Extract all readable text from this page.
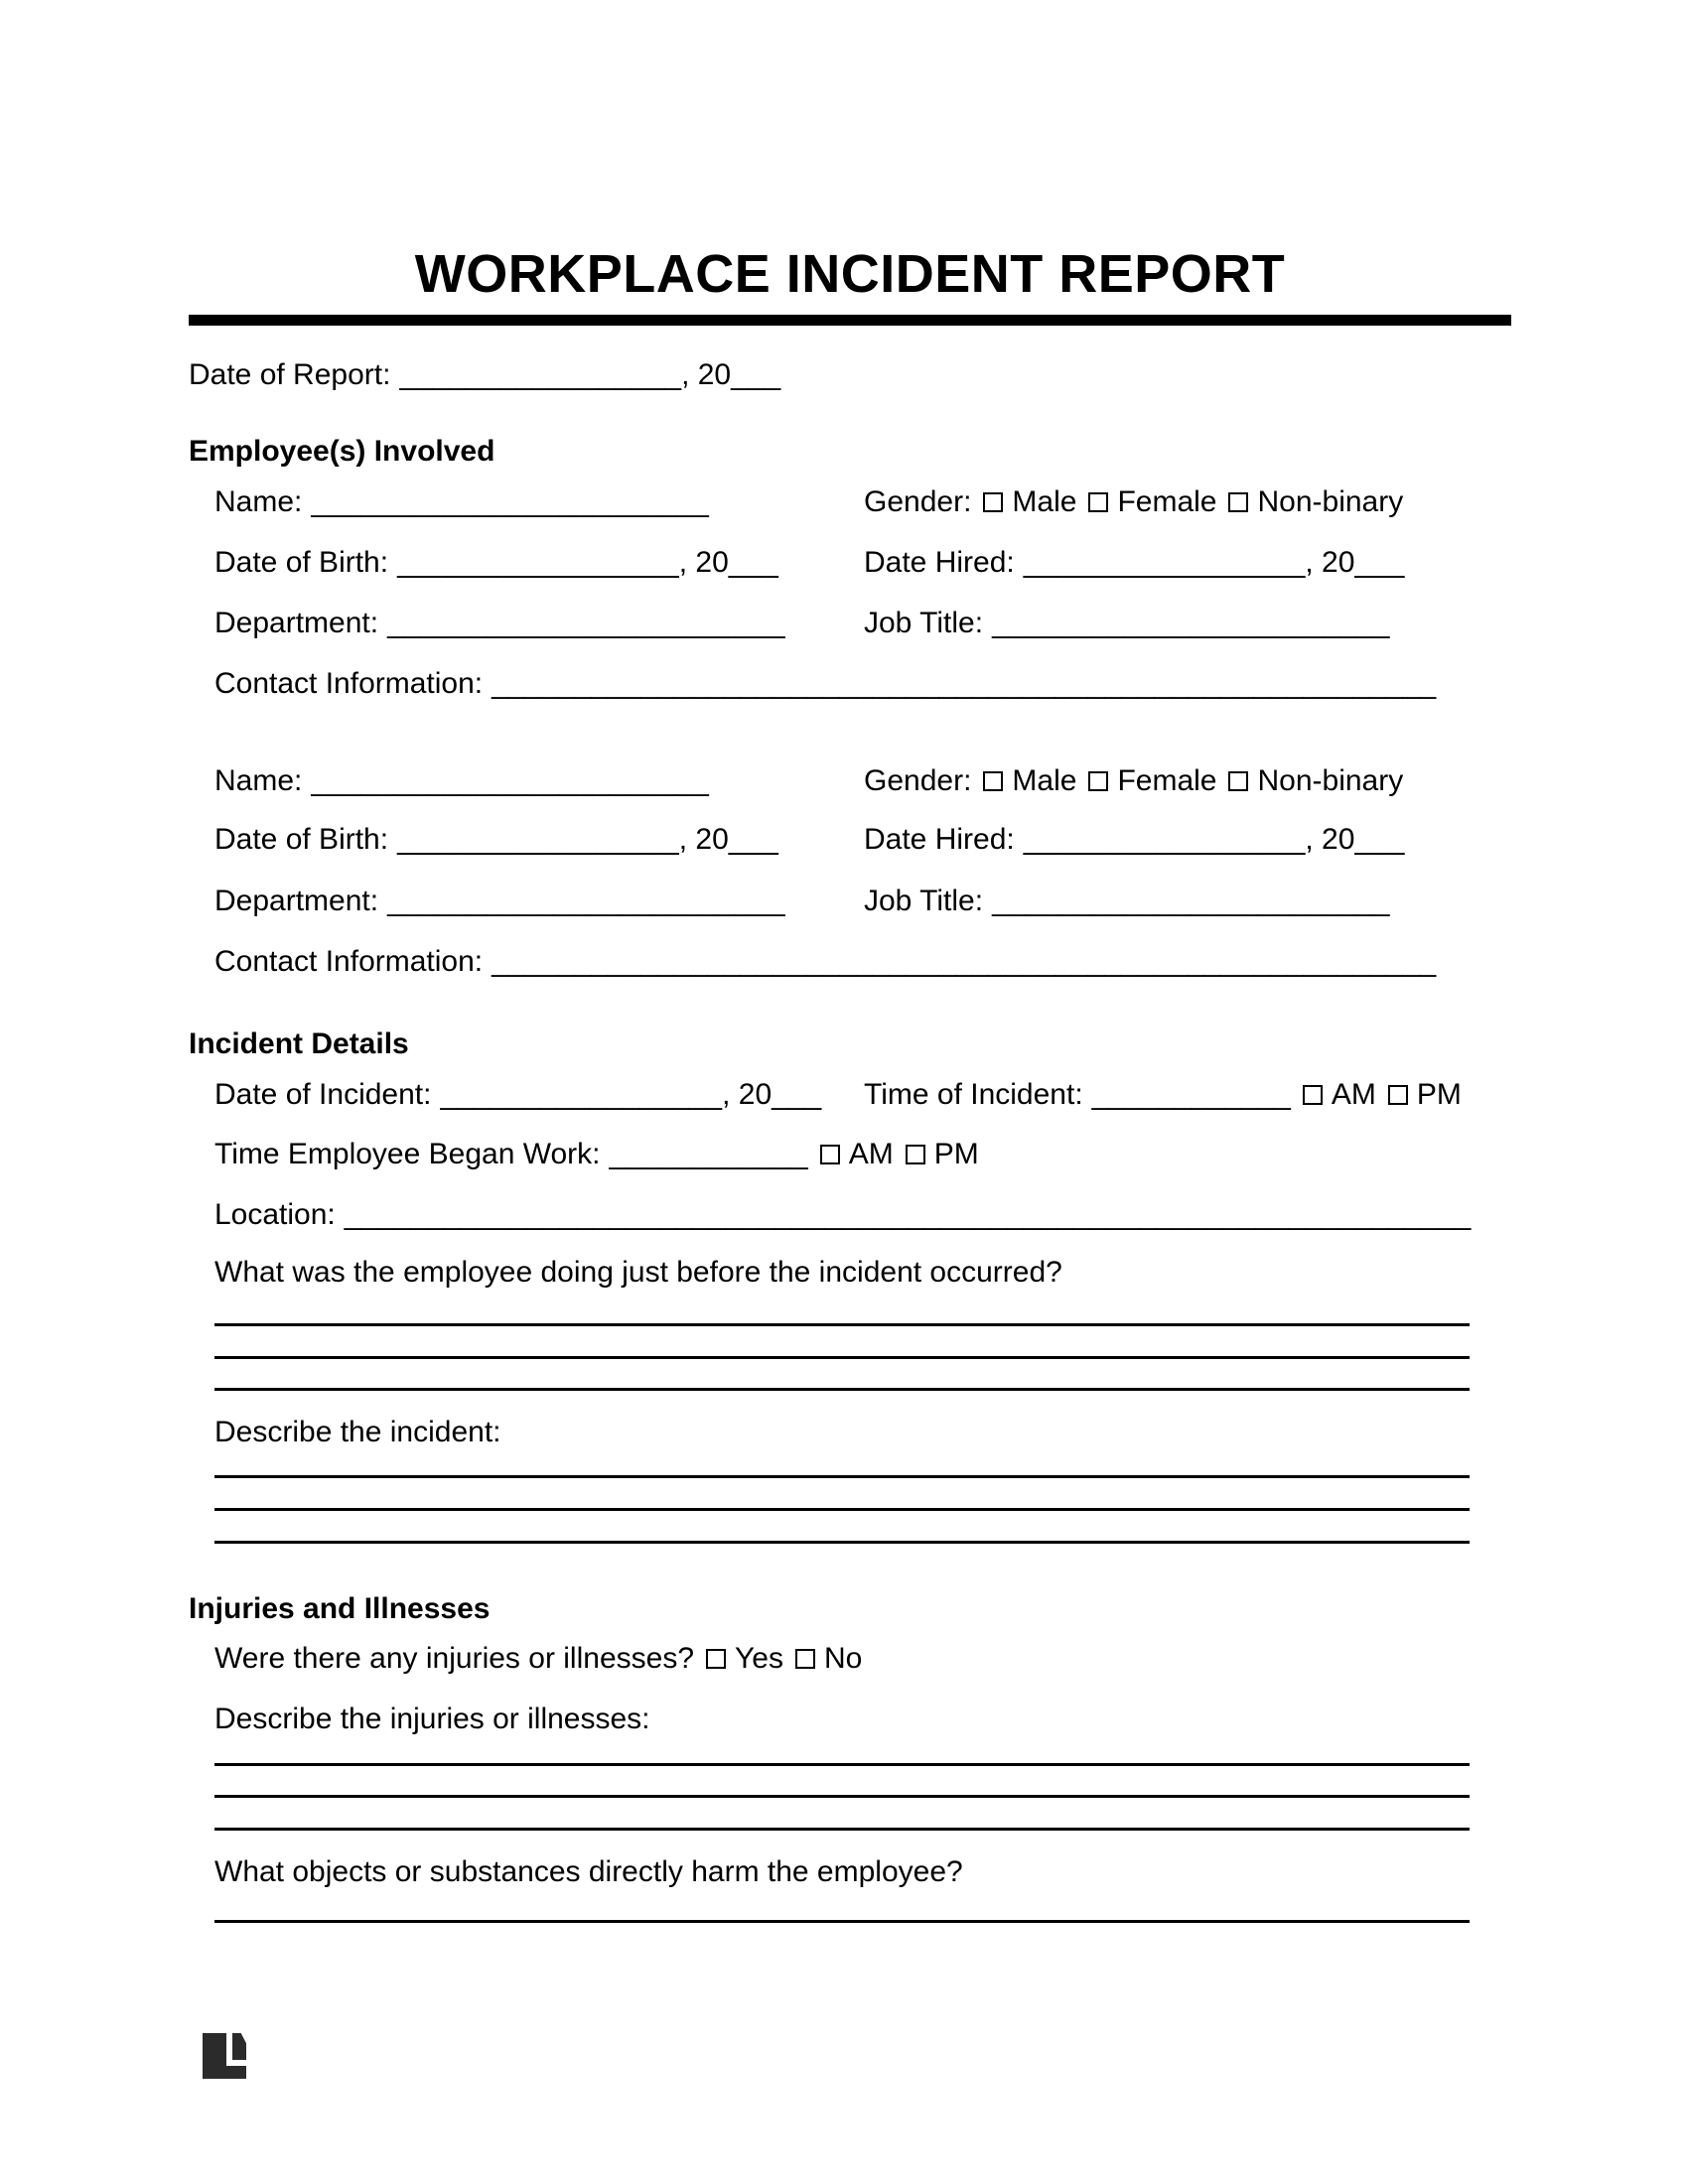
WORKPLACE INCIDENT REPORT
Date of Report: _________________, 20___
Employee(s) Involved
Name: ________________________	Gender: Male Female Non-binary
Date of Birth: _________________, 20___	Date Hired: _________________, 20___
Department: ________________________	Job Title: ________________________
Contact Information: _________________________________________________________
Name: ________________________	Gender: Male Female Non-binary
Date of Birth: _________________, 20___	Date Hired: _________________, 20___
Department: ________________________	Job Title: ________________________
Contact Information: _________________________________________________________
Incident Details
Date of Incident: _________________, 20___	Time of Incident: ____________ AM PM
Time Employee Began Work: ____________ AM PM
Location: ____________________________________________________________________
What was the employee doing just before the incident occurred?
Describe the incident:
Injuries and Illnesses
Were there any injuries or illnesses? Yes No
Describe the injuries or illnesses:
What objects or substances directly harm the employee?
